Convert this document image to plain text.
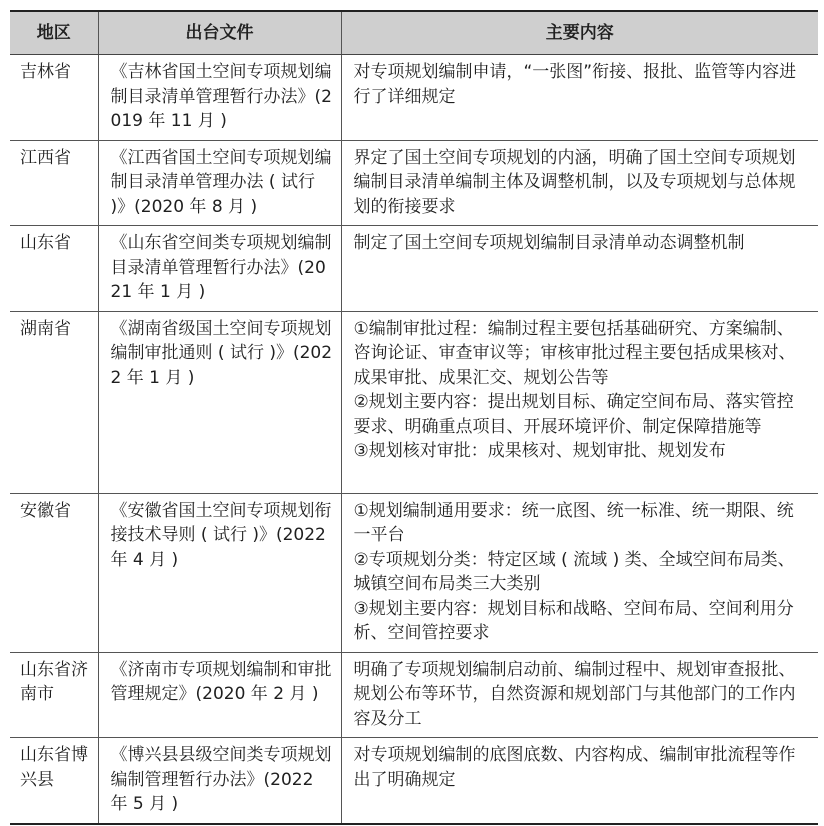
地区	出台文件	主要内容
吉林省	《吉林省国土空间专项规划编制目录清单管理暂行办法》(2019 年 11 月 )	对专项规划编制申请，“一张图”衔接、报批、监管等内容进行了详细规定

江西省	《江西省国土空间专项规划编制目录清单管理办法 ( 试行 )》(2020 年 8 月 )	界定了国土空间专项规划的内涵，明确了国土空间专项规划编制目录清单编制主体及调整机制，以及专项规划与总体规划的衔接要求

山东省	《山东省空间类专项规划编制目录清单管理暂行办法》(2021 年 1 月 )	制定了国土空间专项规划编制目录清单动态调整机制

湖南省	《湖南省级国土空间专项规划编制审批通则 ( 试行 )》(2022 年 1 月 )	①编制审批过程：编制过程主要包括基础研究、方案编制、咨询论证、审查审议等；审核审批过程主要包括成果核对、成果审批、成果汇交、规划公告等
②规划主要内容：提出规划目标、确定空间布局、落实管控要求、明确重点项目、开展环境评价、制定保障措施等
③规划核对审批：成果核对、规划审批、规划发布

安徽省	《安徽省国土空间专项规划衔接技术导则 ( 试行 )》(2022 年 4 月 )	①规划编制通用要求：统一底图、统一标准、统一期限、统一平台
②专项规划分类：特定区域 ( 流域 ) 类、全域空间布局类、城镇空间布局类三大类别
③规划主要内容：规划目标和战略、空间布局、空间利用分析、空间管控要求

山东省济南市	《济南市专项规划编制和审批管理规定》(2020 年 2 月 )	明确了专项规划编制启动前、编制过程中、规划审查报批、规划公布等环节，自然资源和规划部门与其他部门的工作内容及分工

山东省博兴县	《博兴县县级空间类专项规划编制管理暂行办法》(2022 年 5 月 )	对专项规划编制的底图底数、内容构成、编制审批流程等作出了明确规定
